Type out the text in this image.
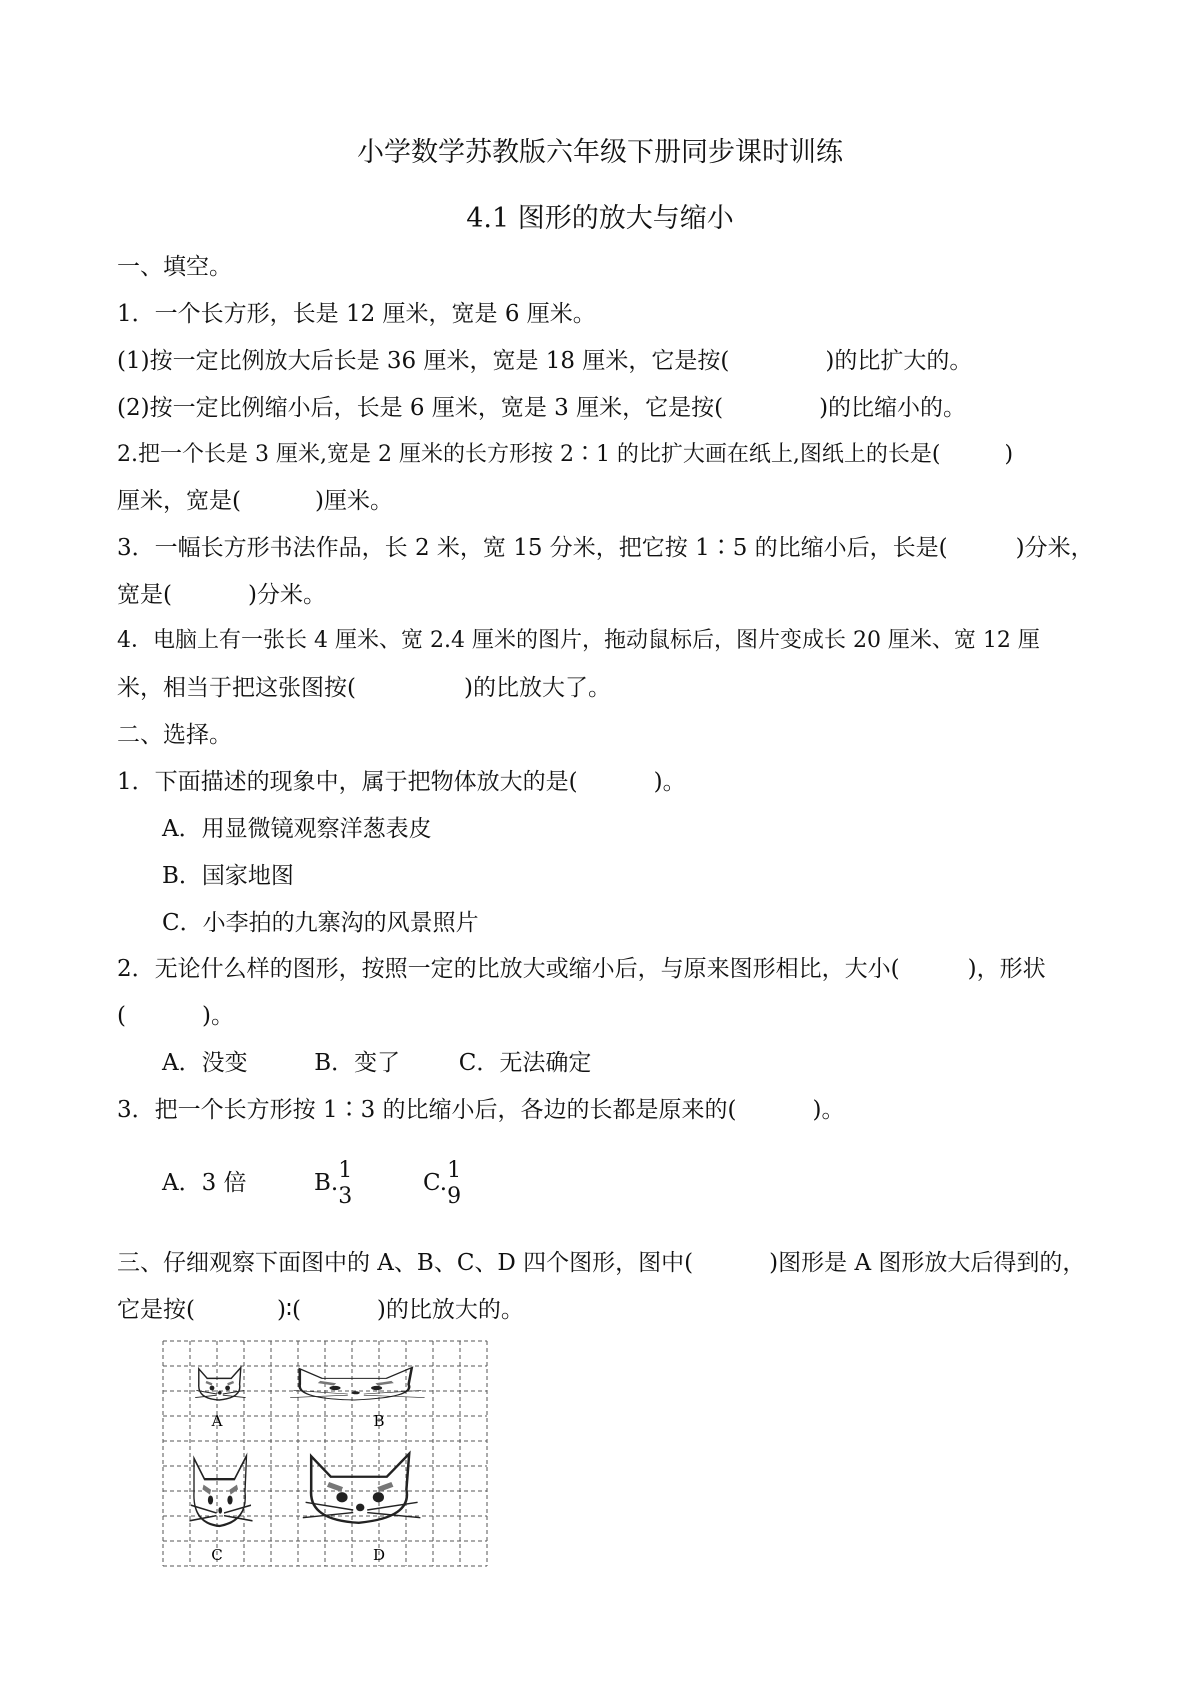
小学数学苏教版六年级下册同步课时训练
4.1 图形的放大与缩小
一、填空。
1．一个长方形，长是 12 厘米，宽是 6 厘米。
(1)按一定比例放大后长是 36 厘米，宽是 18 厘米，它是按(	)的比扩大的。
(2)按一定比例缩小后，长是 6 厘米，宽是 3 厘米，它是按(	)的比缩小的。
2.把一个长是 3 厘米,宽是 2 厘米的长方形按 2∶1 的比扩大画在纸上,图纸上的长是(	)
厘米，宽是(	)厘米。
3．一幅长方形书法作品，长 2 米，宽 15 分米，把它按 1∶5 的比缩小后，长是(	)分米，
宽是(	)分米。
4．电脑上有一张长 4 厘米、宽 2.4 厘米的图片，拖动鼠标后，图片变成长 20 厘米、宽 12 厘
米，相当于把这张图按(	)的比放大了。
二、选择。
1．下面描述的现象中，属于把物体放大的是(	)。
A．用显微镜观察洋葱表皮
B．国家地图
C．小李拍的九寨沟的风景照片
2．无论什么样的图形，按照一定的比放大或缩小后，与原来图形相比，大小(	)，形状
(	)。
A．没变	B．变了	C．无法确定
3．把一个长方形按 1∶3 的比缩小后，各边的长都是原来的(	)。
A．3 倍	B. 1
3
C. 1
9
三、仔细观察下面图中的 A、B、C、D 四个图形，图中(	)图形是 A 图形放大后得到的，
它是按(	)∶(	)的比放大的。
A	B
C	D
